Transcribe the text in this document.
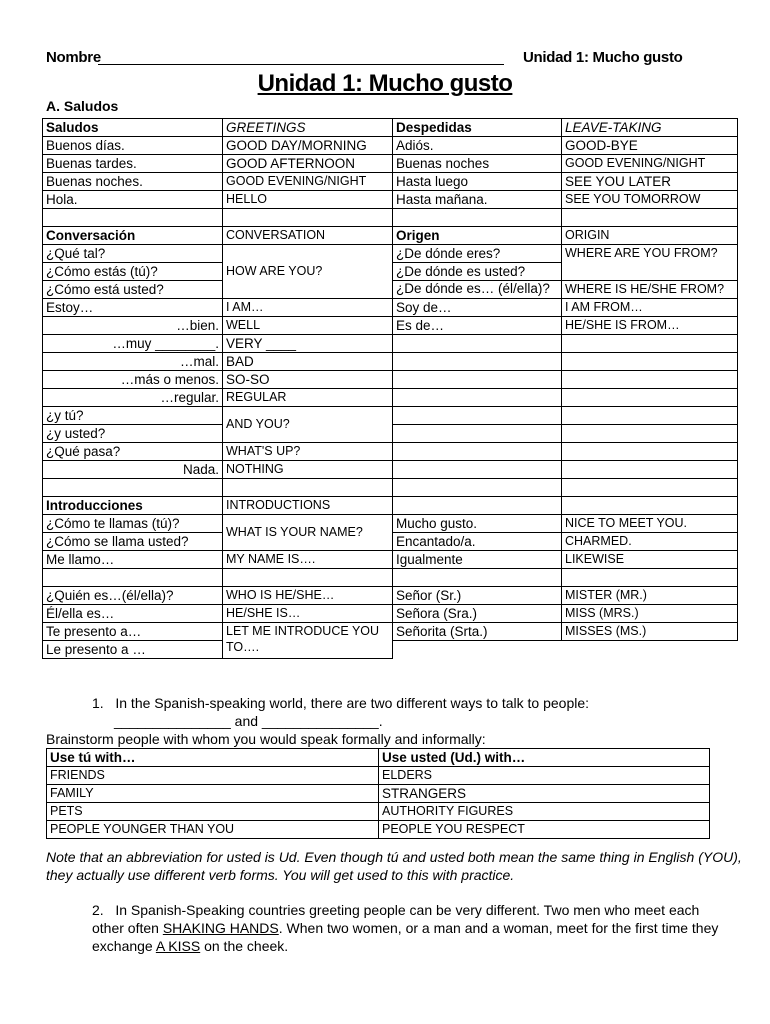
Nombre	Unidad 1: Mucho gusto
Unidad 1: Mucho gusto
A. Saludos
Saludos	GREETINGS	Despedidas	LEAVE-TAKING
Buenos días.	GOOD DAY/MORNING	Adiós.	GOOD-BYE
Buenas tardes.	GOOD AFTERNOON	Buenas noches	GOOD EVENING/NIGHT
Buenas noches.	GOOD EVENING/NIGHT	Hasta luego	SEE YOU LATER
Hola.	HELLO	Hasta mañana.	SEE YOU TOMORROW

Conversación	CONVERSATION	Origen	ORIGIN
¿Qué tal?	HOW ARE YOU?	¿De dónde eres?	WHERE ARE YOU FROM?
¿Cómo estás (tú)?		¿De dónde es usted?	
¿Cómo está usted?		¿De dónde es… (él/ella)?	WHERE IS HE/SHE FROM?

Estoy…	I AM…	Soy de…	I AM FROM…
…bien.	WELL	Es de…	HE/SHE IS FROM…
…muy ________.	VERY ____		
…mal.	BAD		
…más o menos.	SO-SO		
…regular.	REGULAR		
¿y tú?	AND YOU?		
¿y usted?			
¿Qué pasa?	WHAT'S UP?		
Nada.	NOTHING		

Introducciones	INTRODUCTIONS		
¿Cómo te llamas (tú)?	WHAT IS YOUR NAME?	Mucho gusto.	NICE TO MEET YOU.
¿Cómo se llama usted?		Encantado/a.	CHARMED.
Me llamo…	MY NAME IS….	Igualmente	LIKEWISE

¿Quién es…(él/ella)?	WHO IS HE/SHE…	Señor (Sr.)	MISTER (MR.)
Él/ella es…	HE/SHE IS…	Señora (Sra.)	MISS (MRS.)
Te presento a…	LET ME INTRODUCE YOU TO….	Señorita (Srta.)	MISSES (MS.)
Le presento a …			
1. In the Spanish-speaking world, there are two different ways to talk to people:
_______________ and _______________.
Brainstorm people with whom you would speak formally and informally:
Use tú with…	Use usted (Ud.) with…
FRIENDS	ELDERS
FAMILY	STRANGERS
PETS	AUTHORITY FIGURES
PEOPLE YOUNGER THAN YOU	PEOPLE YOU RESPECT
Note that an abbreviation for usted is Ud. Even though tú and usted both mean the same thing in English (YOU), they actually use different verb forms. You will get used to this with practice.
2. In Spanish-Speaking countries greeting people can be very different. Two men who meet each other often SHAKING HANDS. When two women, or a man and a woman, meet for the first time they exchange A KISS on the cheek.
